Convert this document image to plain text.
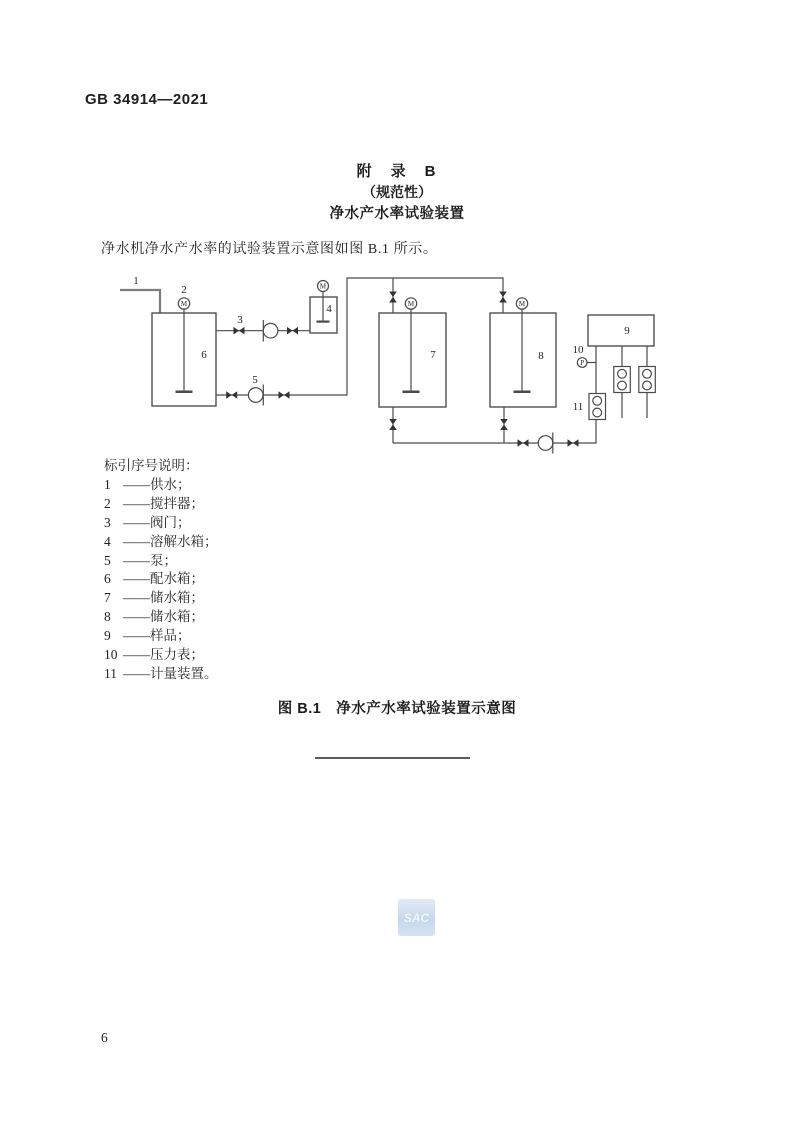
GB 34914—2021
附　录　B
（规范性）
净水产水率试验装置
净水机净水产水率的试验装置示意图如图 B.1 所示。
1
3
M
4
M
2
6
5
M
7
M
8
9
P
10
11
标引序号说明：
1 ——供水；
2 ——搅拌器；
3 ——阀门；
4 ——溶解水箱；
5 ——泵；
6 ——配水箱；
7 ——储水箱；
8 ——储水箱；
9 ——样品；
10 ——压力表；
11 ——计量装置。
图 B.1　净水产水率试验装置示意图
SAC
6
